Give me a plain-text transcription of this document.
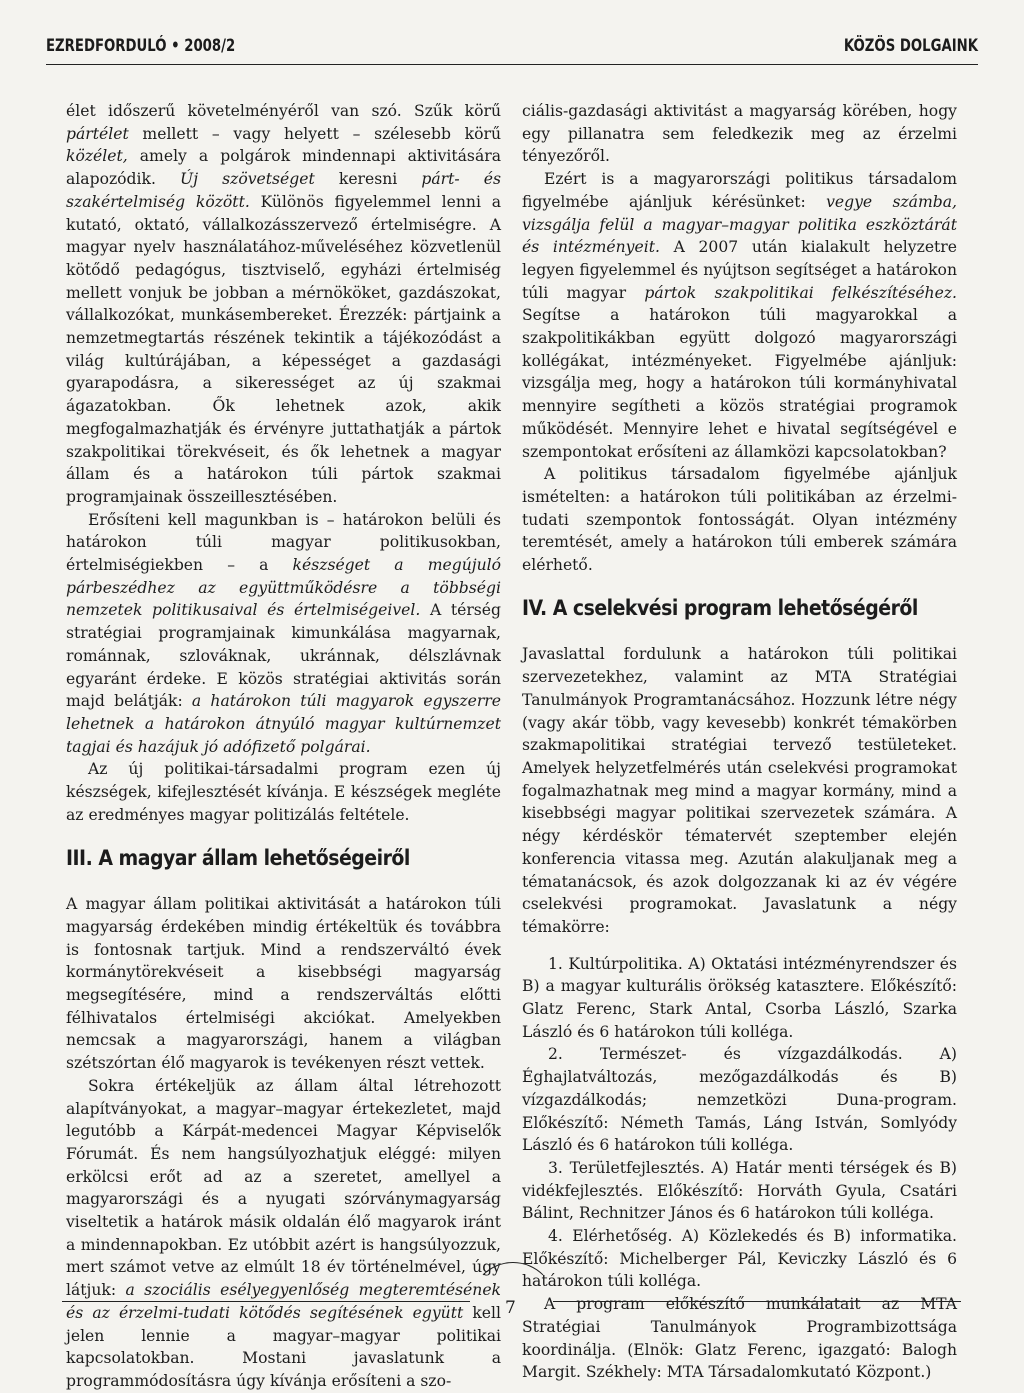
EZREDFORDULÓ • 2008/2	KÖZÖS DOLGAINK

élet időszerű követelményéről van szó. Szűk körű pártélet mellett – vagy helyett – szélesebb körű közélet, amely a polgárok mindennapi aktivitására alapozódik. Új szövetséget keresni párt- és szakértelmiség között. Különös figyelemmel lenni a kutató, oktató, vállalkozásszervező értelmiségre. A magyar nyelv használatához-műveléséhez közvetlenül kötődő pedagógus, tisztviselő, egyházi értelmiség mellett vonjuk be jobban a mérnököket, gazdászokat, vállalkozókat, munkásembereket. Érezzék: pártjaink a nemzetmegtartás részének tekintik a tájékozódást a világ kultúrájában, a képességet a gazdasági gyarapodásra, a sikerességet az új szakmai ágazatokban. Ők lehetnek azok, akik megfogalmazhatják és érvényre juttathatják a pártok szakpolitikai törekvéseit, és ők lehetnek a magyar állam és a határokon túli pártok szakmai programjainak összeillesztésében.

Erősíteni kell magunkban is – határokon belüli és határokon túli magyar politikusokban, értelmiségiekben – a készséget a megújuló párbeszédhez az együttműködésre a többségi nemzetek politikusaival és értelmiségeivel. A térség stratégiai programjainak kimunkálása magyarnak, románnak, szlováknak, ukránnak, délszlávnak egyaránt érdeke. E közös stratégiai aktivitás során majd belátják: a határokon túli magyarok egyszerre lehetnek a határokon átnyúló magyar kultúrnemzet tagjai és hazájuk jó adófizető polgárai.

Az új politikai-társadalmi program ezen új készségek, kifejlesztését kívánja. E készségek megléte az eredményes magyar politizálás feltétele.

III. A magyar állam lehetőségeiről

A magyar állam politikai aktivitását a határokon túli magyarság érdekében mindig értékeltük és továbbra is fontosnak tartjuk. Mind a rendszerváltó évek kormánytörekvéseit a kisebbségi magyarság megsegítésére, mind a rendszerváltás előtti félhivatalos értelmiségi akciókat. Amelyekben nemcsak a magyarországi, hanem a világban szétszórtan élő magyarok is tevékenyen részt vettek.

Sokra értékeljük az állam által létrehozott alapítványokat, a magyar–magyar értekezletet, majd legutóbb a Kárpát-medencei Magyar Képviselők Fórumát. És nem hangsúlyozhatjuk eléggé: milyen erkölcsi erőt ad az a szeretet, amellyel a magyarországi és a nyugati szórványmagyarság viseltetik a határok másik oldalán élő magyarok iránt a mindennapokban. Ez utóbbit azért is hangsúlyozzuk, mert számot vetve az elmúlt 18 év történelmével, úgy látjuk: a szociális esélyegyenlőség megteremtésének és az érzelmi-tudati kötődés segítésének együtt kell jelen lennie a magyar–magyar politikai kapcsolatokban. Mostani javaslatunk a programmódosításra úgy kívánja erősíteni a szo-

ciális-gazdasági aktivitást a magyarság körében, hogy egy pillanatra sem feledkezik meg az érzelmi tényezőről.

Ezért is a magyarországi politikus társadalom figyelmébe ajánljuk kérésünket: vegye számba, vizsgálja felül a magyar–magyar politika eszköztárát és intézményeit. A 2007 után kialakult helyzetre legyen figyelemmel és nyújtson segítséget a határokon túli magyar pártok szakpolitikai felkészítéséhez. Segítse a határokon túli magyarokkal a szakpolitikákban együtt dolgozó magyarországi kollégákat, intézményeket. Figyelmébe ajánljuk: vizsgálja meg, hogy a határokon túli kormányhivatal mennyire segítheti a közös stratégiai programok működését. Mennyire lehet e hivatal segítségével e szempontokat erősíteni az államközi kapcsolatokban?

A politikus társadalom figyelmébe ajánljuk ismételten: a határokon túli politikában az érzelmi-tudati szempontok fontosságát. Olyan intézmény teremtését, amely a határokon túli emberek számára elérhető.

IV. A cselekvési program lehetőségéről

Javaslattal fordulunk a határokon túli politikai szervezetekhez, valamint az MTA Stratégiai Tanulmányok Programtanácsához. Hozzunk létre négy (vagy akár több, vagy kevesebb) konkrét témakörben szakmapolitikai stratégiai tervező testületeket. Amelyek helyzetfelmérés után cselekvési programokat fogalmazhatnak meg mind a magyar kormány, mind a kisebbségi magyar politikai szervezetek számára. A négy kérdéskör tématervét szeptember elején konferencia vitassa meg. Azután alakuljanak meg a tématanácsok, és azok dolgozzanak ki az év végére cselekvési programokat. Javaslatunk a négy témakörre:

1. Kultúrpolitika. A) Oktatási intézményrendszer és B) a magyar kulturális örökség katasztere. Előkészítő: Glatz Ferenc, Stark Antal, Csorba László, Szarka László és 6 határokon túli kolléga.

2. Természet- és vízgazdálkodás. A) Éghajlatváltozás, mezőgazdálkodás és B) vízgazdálkodás; nemzetközi Duna-program. Előkészítő: Németh Tamás, Láng István, Somlyódy László és 6 határokon túli kolléga.

3. Területfejlesztés. A) Határ menti térségek és B) vidékfejlesztés. Előkészítő: Horváth Gyula, Csatári Bálint, Rechnitzer János és 6 határokon túli kolléga.

4. Elérhetőség. A) Közlekedés és B) informatika. Előkészítő: Michelberger Pál, Keviczky László és 6 határokon túli kolléga.

A program előkészítő munkálatait az MTA Stratégiai Tanulmányok Programbizottsága koordinálja. (Elnök: Glatz Ferenc, igazgató: Balogh Margit. Székhely: MTA Társadalomkutató Központ.)

7
